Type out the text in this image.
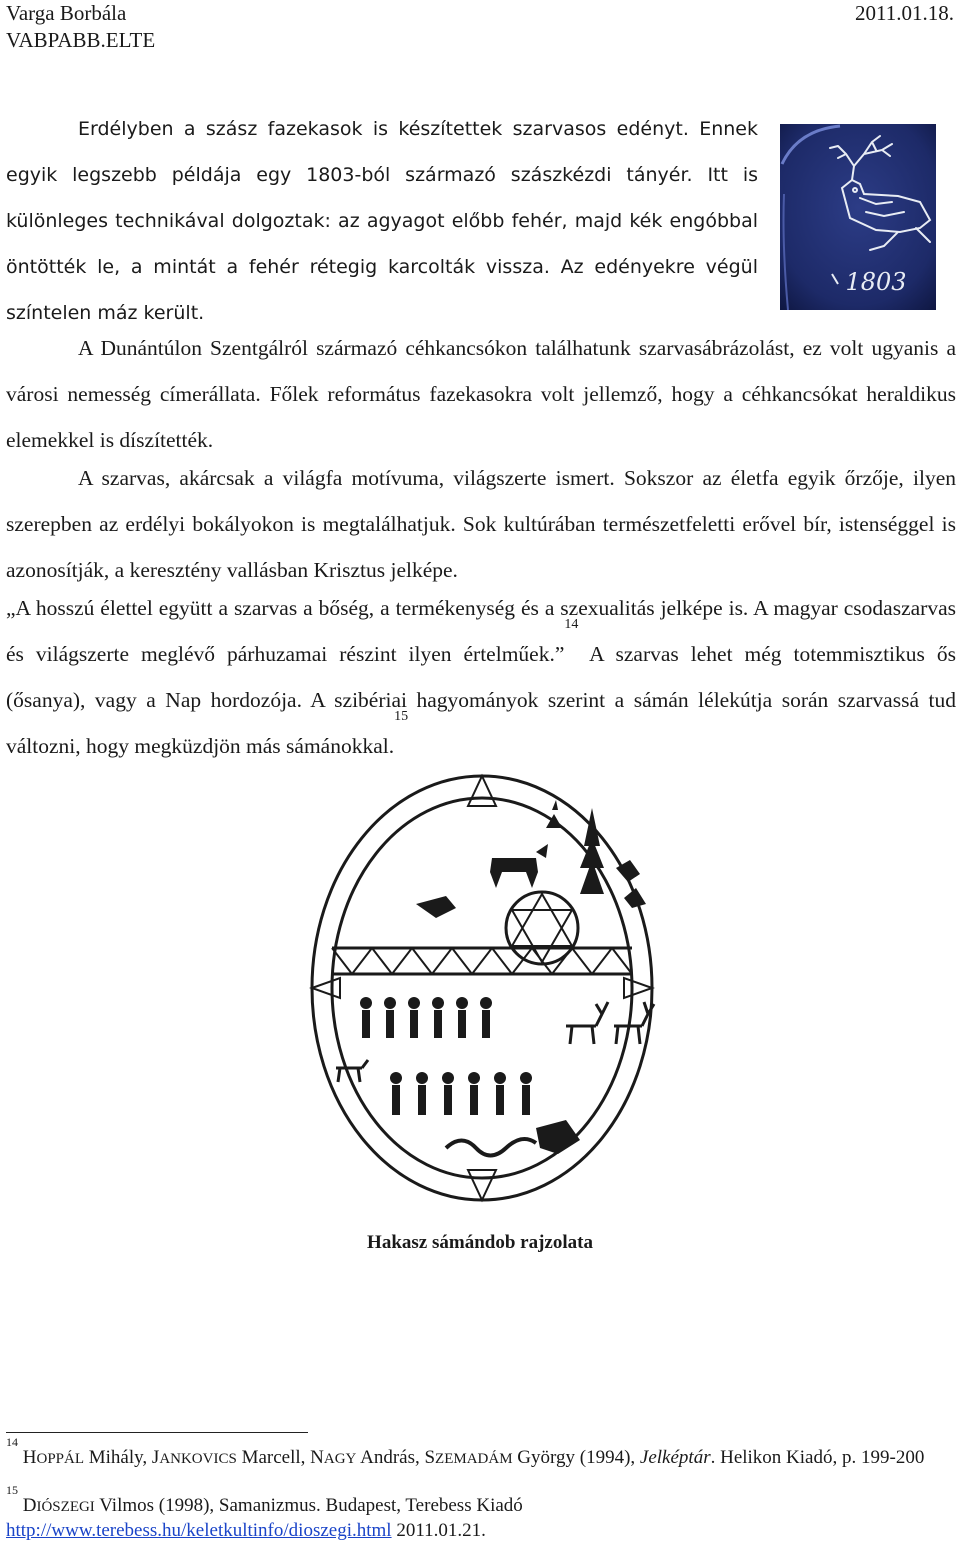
Varga Borbála
VABPABB.ELTE
2011.01.18.
Erdélyben a szász fazekasok is készítettek szarvasos edényt. Ennek egyik legszebb példája egy 1803-ból származó szászkézdi tányér. Itt is különleges technikával dolgoztak: az agyagot előbb fehér, majd kék engóbbal öntötték le, a mintát a fehér rétegig karcolták vissza. Az edényekre végül színtelen máz került.
1803
A Dunántúlon Szentgálról származó céhkancsókon találhatunk szarvasábrázolást, ez volt ugyanis a városi nemesség címerállata. Főlek református fazekasokra volt jellemző, hogy a céhkancsókat heraldikus elemekkel is díszítették.
A szarvas, akárcsak a világfa motívuma, világszerte ismert. Sokszor az életfa egyik őrzője, ilyen szerepben az erdélyi bokályokon is megtalálhatjuk. Sok kultúrában természetfeletti erővel bír, istenséggel is azonosítják, a keresztény vallásban Krisztus jelképe.
„A hosszú élettel együtt a szarvas a bőség, a termékenység és a szexualitás jelképe is. A magyar csodaszarvas és világszerte meglévő párhuzamai részint ilyen értelműek.”$^{14}$ A szarvas lehet még totemmisztikus ős (ősanya), vagy a Nap hordozója. A szibériai hagyományok szerint a sámán lélekútja során szarvassá tud változni, hogy megküzdjön más sámánokkal.$^{15}$
Hakasz sámándob rajzolata
$^{14}$ HOPPÁL Mihály, JANKOVICS Marcell, NAGY András, SZEMADÁM György (1994), Jelképtár. Helikon Kiadó, p. 199-200
$^{15}$ DIÓSZEGI Vilmos (1998), Samanizmus. Budapest, Terebess Kiadó
http://www.terebess.hu/keletkultinfo/dioszegi.html 2011.01.21.
